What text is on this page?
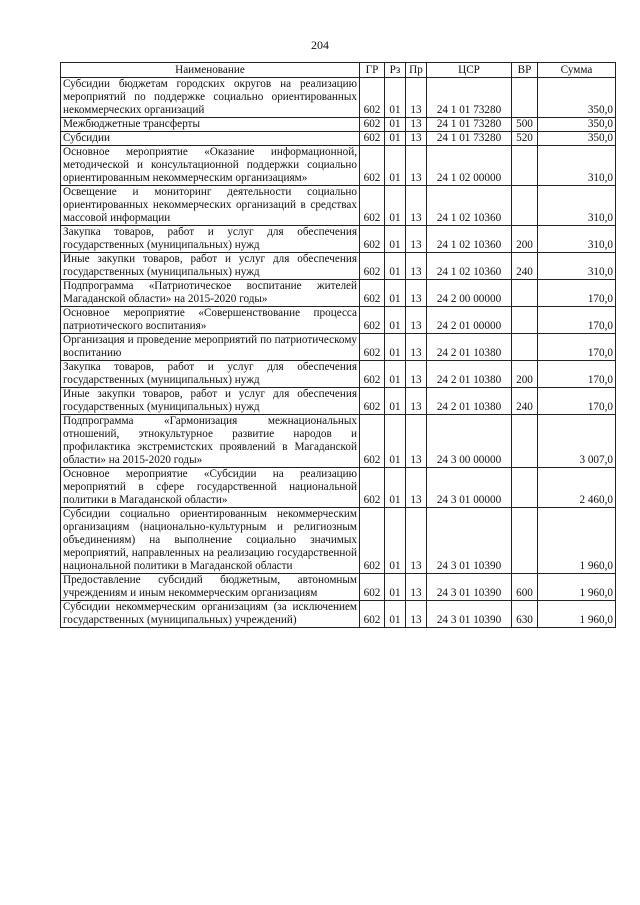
204
Наименование	ГР	Рз	Пр	ЦСР	ВР	Сумма
Субсидии бюджетам городских округов на реализацию мероприятий по поддержке социально ориентированных некоммерческих организаций	602	01	13	24 1 01 73280		350,0
Межбюджетные трансферты	602	01	13	24 1 01 73280	500	350,0
Субсидии	602	01	13	24 1 01 73280	520	350,0
Основное мероприятие «Оказание информационной, методической и консультационной поддержки социально ориентированным некоммерческим организациям»	602	01	13	24 1 02 00000		310,0
Освещение и мониторинг деятельности социально ориентированных некоммерческих организаций в средствах массовой информации	602	01	13	24 1 02 10360		310,0
Закупка товаров, работ и услуг для обеспечения государственных (муниципальных) нужд	602	01	13	24 1 02 10360	200	310,0
Иные закупки товаров, работ и услуг для обеспечения государственных (муниципальных) нужд	602	01	13	24 1 02 10360	240	310,0
Подпрограмма «Патриотическое воспитание жителей Магаданской области» на 2015-2020 годы»	602	01	13	24 2 00 00000		170,0
Основное мероприятие «Совершенствование процесса патриотического воспитания»	602	01	13	24 2 01 00000		170,0
Организация и проведение мероприятий по патриотическому воспитанию	602	01	13	24 2 01 10380		170,0
Закупка товаров, работ и услуг для обеспечения государственных (муниципальных) нужд	602	01	13	24 2 01 10380	200	170,0
Иные закупки товаров, работ и услуг для обеспечения государственных (муниципальных) нужд	602	01	13	24 2 01 10380	240	170,0
Подпрограмма «Гармонизация межнациональных отношений, этнокультурное развитие народов и профилактика экстремистских проявлений в Магаданской области» на 2015-2020 годы»	602	01	13	24 3 00 00000		3 007,0
Основное мероприятие «Субсидии на реализацию мероприятий в сфере государственной национальной политики в Магаданской области»	602	01	13	24 3 01 00000		2 460,0
Субсидии социально ориентированным некоммерческим организациям (национально-культурным и религиозным объединениям) на выполнение социально значимых мероприятий, направленных на реализацию государственной национальной политики в Магаданской области	602	01	13	24 3 01 10390		1 960,0
Предоставление субсидий бюджетным, автономным учреждениям и иным некоммерческим организациям	602	01	13	24 3 01 10390	600	1 960,0
Субсидии некоммерческим организациям (за исключением государственных (муниципальных) учреждений)	602	01	13	24 3 01 10390	630	1 960,0
